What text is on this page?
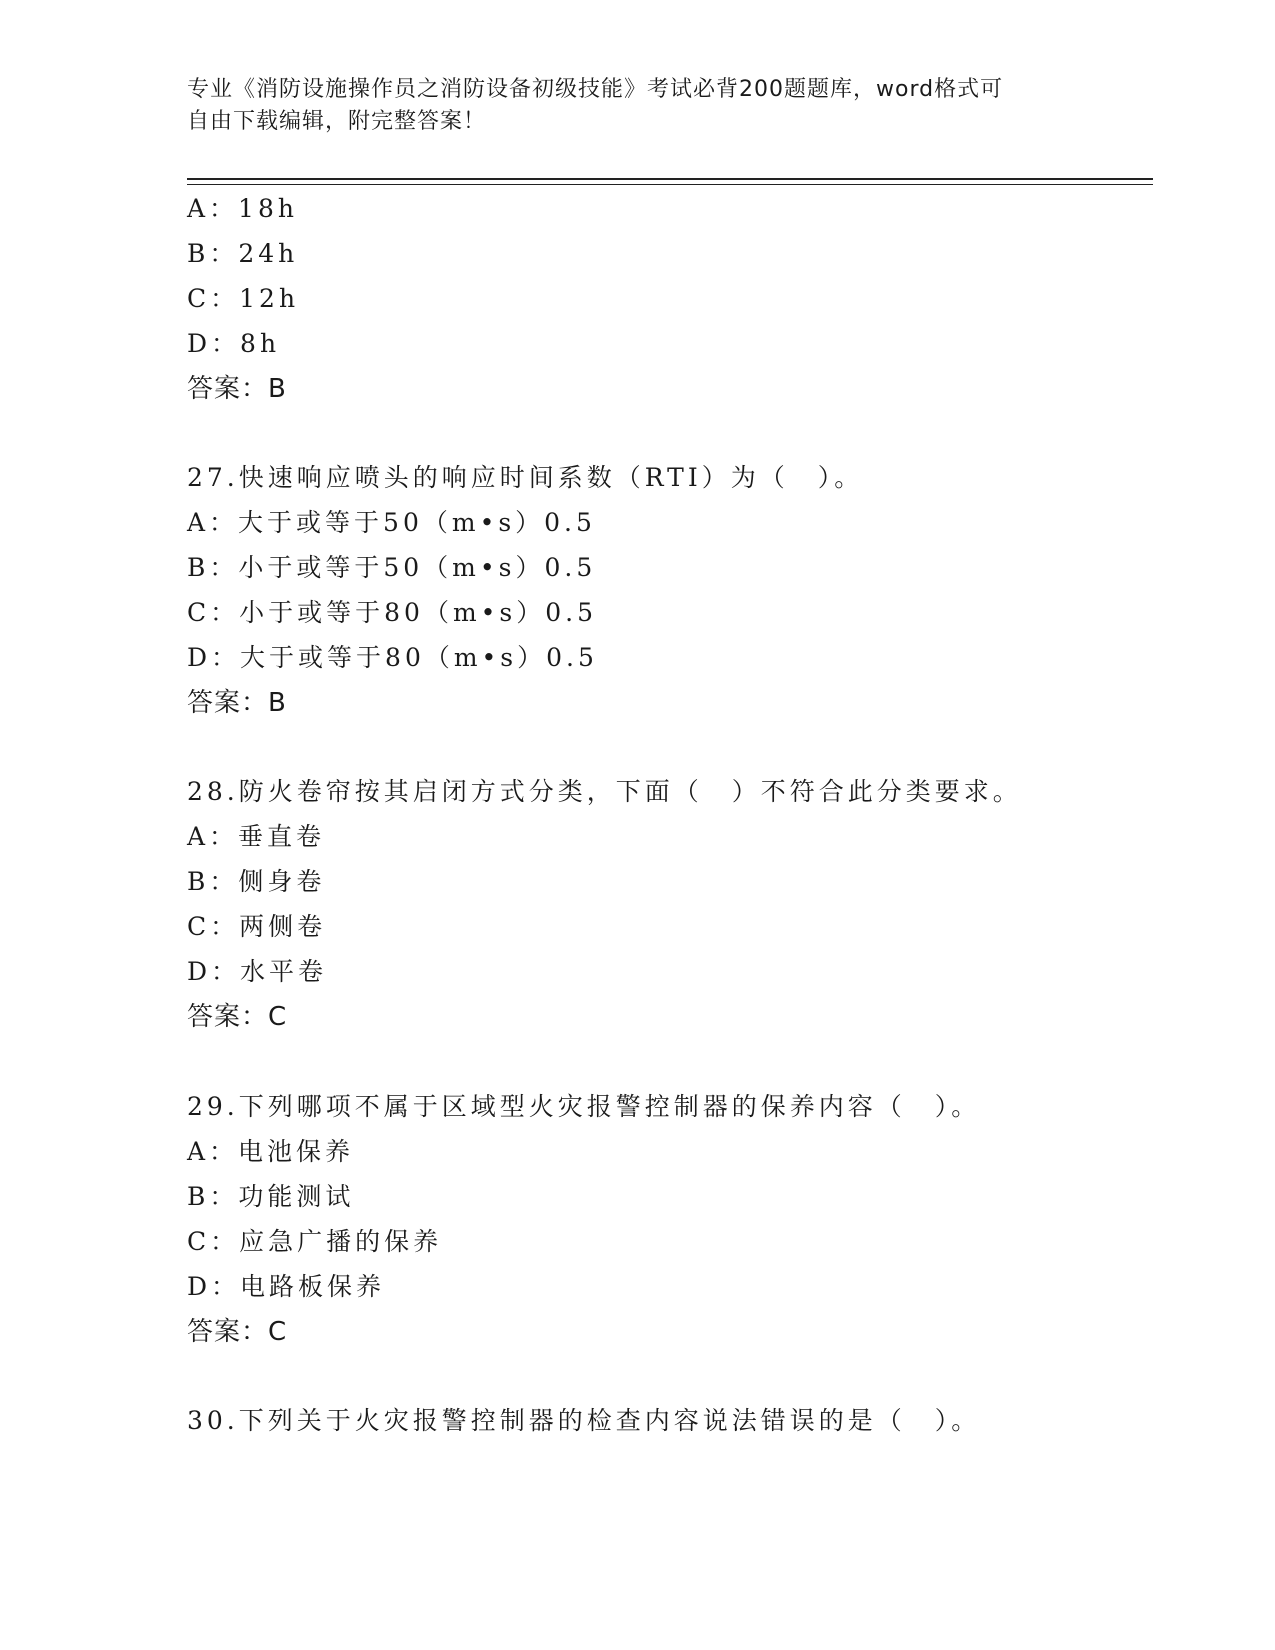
专业《消防设施操作员之消防设备初级技能》考试必背200题题库，word格式可
自由下载编辑，附完整答案！
A：18h
B：24h
C：12h
D：8h
答案：B
27.快速响应喷头的响应时间系数（RTI）为（　）。
A：大于或等于50（m•s）0.5
B：小于或等于50（m•s）0.5
C：小于或等于80（m•s）0.5
D：大于或等于80（m•s）0.5
答案：B
28.防火卷帘按其启闭方式分类，下面（　）不符合此分类要求。
A：垂直卷
B：侧身卷
C：两侧卷
D：水平卷
答案：C
29.下列哪项不属于区域型火灾报警控制器的保养内容（　）。
A：电池保养
B：功能测试
C：应急广播的保养
D：电路板保养
答案：C
30.下列关于火灾报警控制器的检查内容说法错误的是（　）。
